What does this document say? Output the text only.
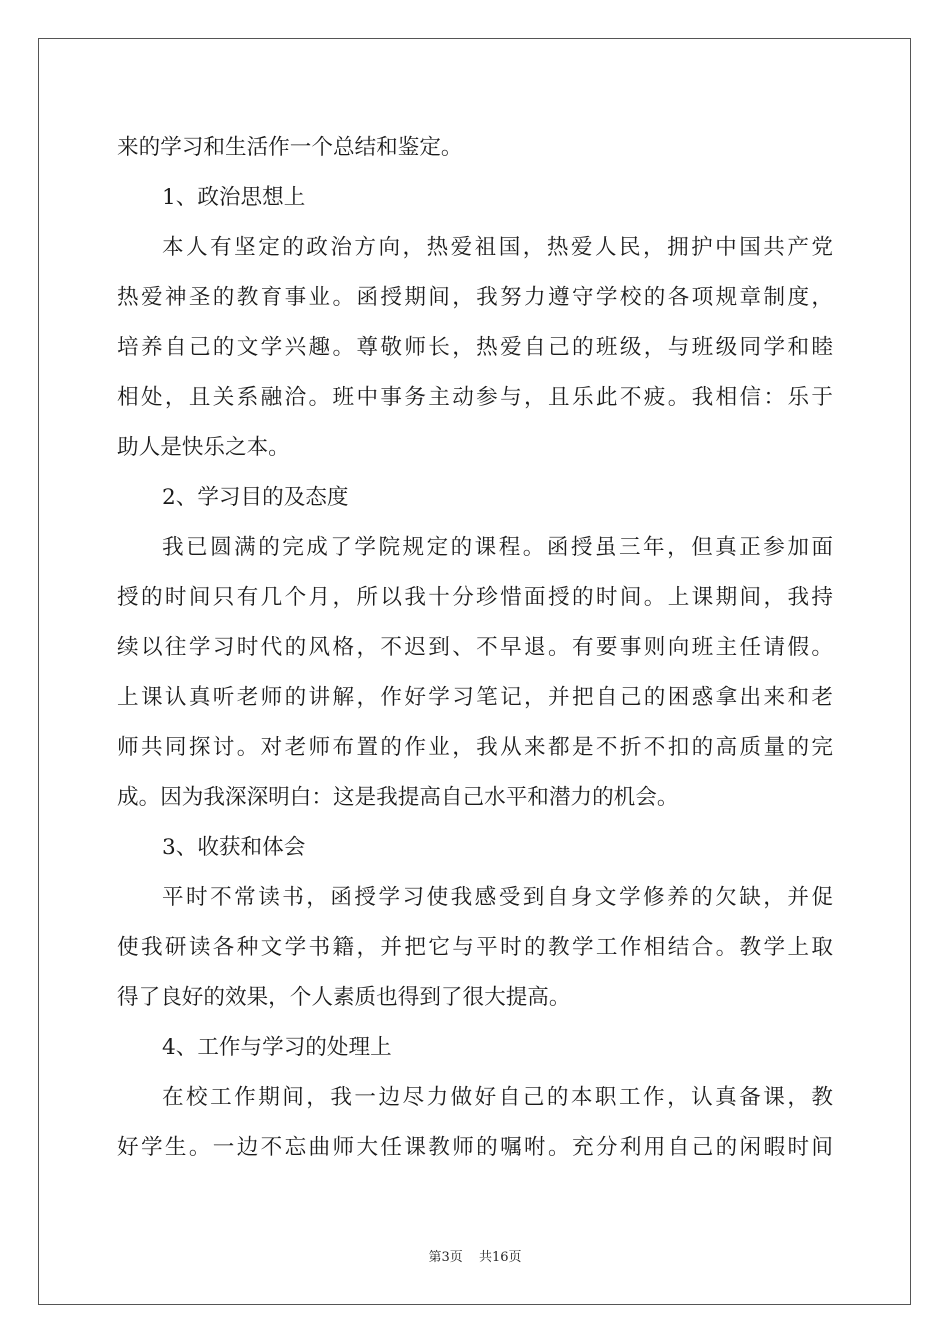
来的学习和生活作一个总结和鉴定。
1、政治思想上
本人有坚定的政治方向，热爱祖国，热爱人民，拥护中国共产党
热爱神圣的教育事业。函授期间，我努力遵守学校的各项规章制度，
培养自己的文学兴趣。尊敬师长，热爱自己的班级，与班级同学和睦
相处，且关系融洽。班中事务主动参与，且乐此不疲。我相信：乐于
助人是快乐之本。
2、学习目的及态度
我已圆满的完成了学院规定的课程。函授虽三年，但真正参加面
授的时间只有几个月，所以我十分珍惜面授的时间。上课期间，我持
续以往学习时代的风格，不迟到、不早退。有要事则向班主任请假。
上课认真听老师的讲解，作好学习笔记，并把自己的困惑拿出来和老
师共同探讨。对老师布置的作业，我从来都是不折不扣的高质量的完
成。因为我深深明白：这是我提高自己水平和潜力的机会。
3、收获和体会
平时不常读书，函授学习使我感受到自身文学修养的欠缺，并促
使我研读各种文学书籍，并把它与平时的教学工作相结合。教学上取
得了良好的效果，个人素质也得到了很大提高。
4、工作与学习的处理上
在校工作期间，我一边尽力做好自己的本职工作，认真备课，教
好学生。一边不忘曲师大任课教师的嘱咐。充分利用自己的闲暇时间
第3页 共16页
